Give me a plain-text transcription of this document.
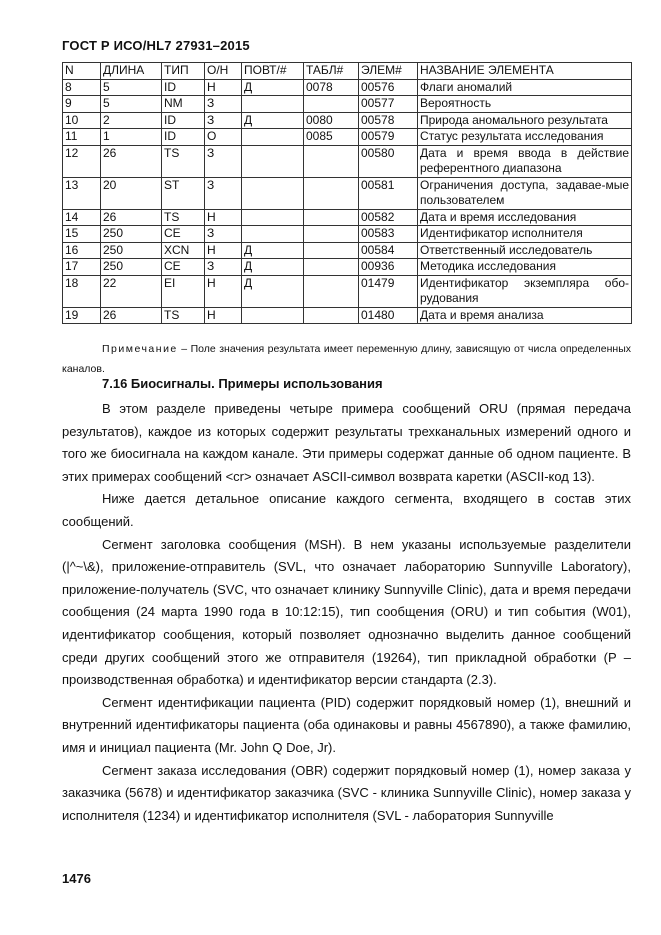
ГОСТ Р ИСО/HL7 27931–2015
N	ДЛИНА	ТИП	О/Н	ПОВТ/#	ТАБЛ#	ЭЛЕМ#	НАЗВАНИЕ ЭЛЕМЕНТА
8	5	ID	Н	Д	0078	00576	Флаги аномалий
9	5	NM	З			00577	Вероятность
10	2	ID	З	Д	0080	00578	Природа аномального результата
11	1	ID	О		0085	00579	Статус результата исследования
12	26	TS	З			00580	Дата и время ввода в действие референтного диапазона
13	20	ST	З			00581	Ограничения доступа, задавае-мые пользователем
14	26	TS	Н			00582	Дата и время исследования
15	250	CE	З			00583	Идентификатор исполнителя
16	250	XCN	Н	Д		00584	Ответственный исследователь
17	250	CE	З	Д		00936	Методика исследования
18	22	EI	Н	Д		01479	Идентификатор экземпляра обо-рудования
19	26	TS	Н			01480	Дата и время анализа
Примечание – Поле значения результата имеет переменную длину, зависящую от числа определенных каналов.
7.16 Биосигналы. Примеры использования

В этом разделе приведены четыре примера сообщений ORU (прямая передача результатов), каждое из которых содержит результаты трехканальных измерений одного и того же биосигнала на каждом канале. Эти примеры содержат данные об одном пациенте. В этих примерах сообщений <cr> означает ASCII-символ возврата каретки (ASCII-код 13).

Ниже дается детальное описание каждого сегмента, входящего в состав этих сообщений.

Сегмент заголовка сообщения (MSH). В нем указаны используемые разделители (|^~\&), приложение-отправитель (SVL, что означает лабораторию Sunnyville Laboratory), приложение-получатель (SVC, что означает клинику Sunnyville Clinic), дата и время передачи сообщения (24 марта 1990 года в 10:12:15), тип сообщения (ORU) и тип события (W01), идентификатор сообщения, который позволяет однозначно выделить данное сообщений среди других сообщений этого же отправителя (19264), тип прикладной обработки (P – производственная обработка) и идентификатор версии стандарта (2.3).

Сегмент идентификации пациента (PID) содержит порядковый номер (1), внешний и внутренний идентификаторы пациента (оба одинаковы и равны 4567890), а также фамилию, имя и инициал пациента (Mr. John Q Doe, Jr).

Сегмент заказа исследования (OBR) содержит порядковый номер (1), номер заказа у заказчика (5678) и идентификатор заказчика (SVC - клиника Sunnyville Clinic), номер заказа у исполнителя (1234) и идентификатор исполнителя (SVL - лаборатория Sunnyville

1476
